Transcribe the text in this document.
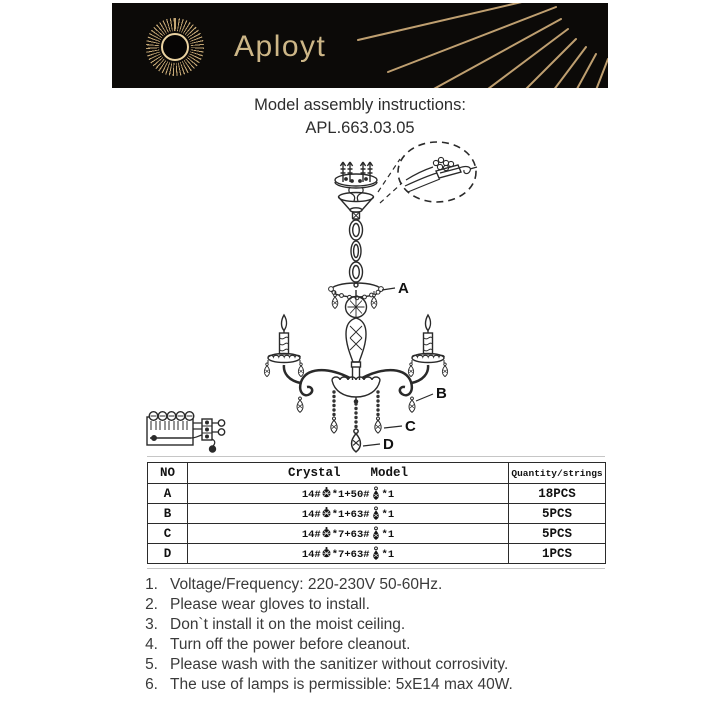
Aployt
Model assembly instructions:
APL.663.03.05
A
B
C
D
NO	Crystal Model	Quantity/strings
A	14# *1+50# *1	18PCS
B	14# *1+63# *1	5PCS
C	14# *7+63# *1	5PCS
D	14# *7+63# *1	1PCS
1. Voltage/Frequency: 220-230V 50-60Hz.
2. Please wear gloves to install.
3. Don`t install it on the moist ceiling.
4. Turn off the power before cleanout.
5. Please wash with the sanitizer without corrosivity.
6. The use of lamps is permissible: 5xE14 max 40W.
